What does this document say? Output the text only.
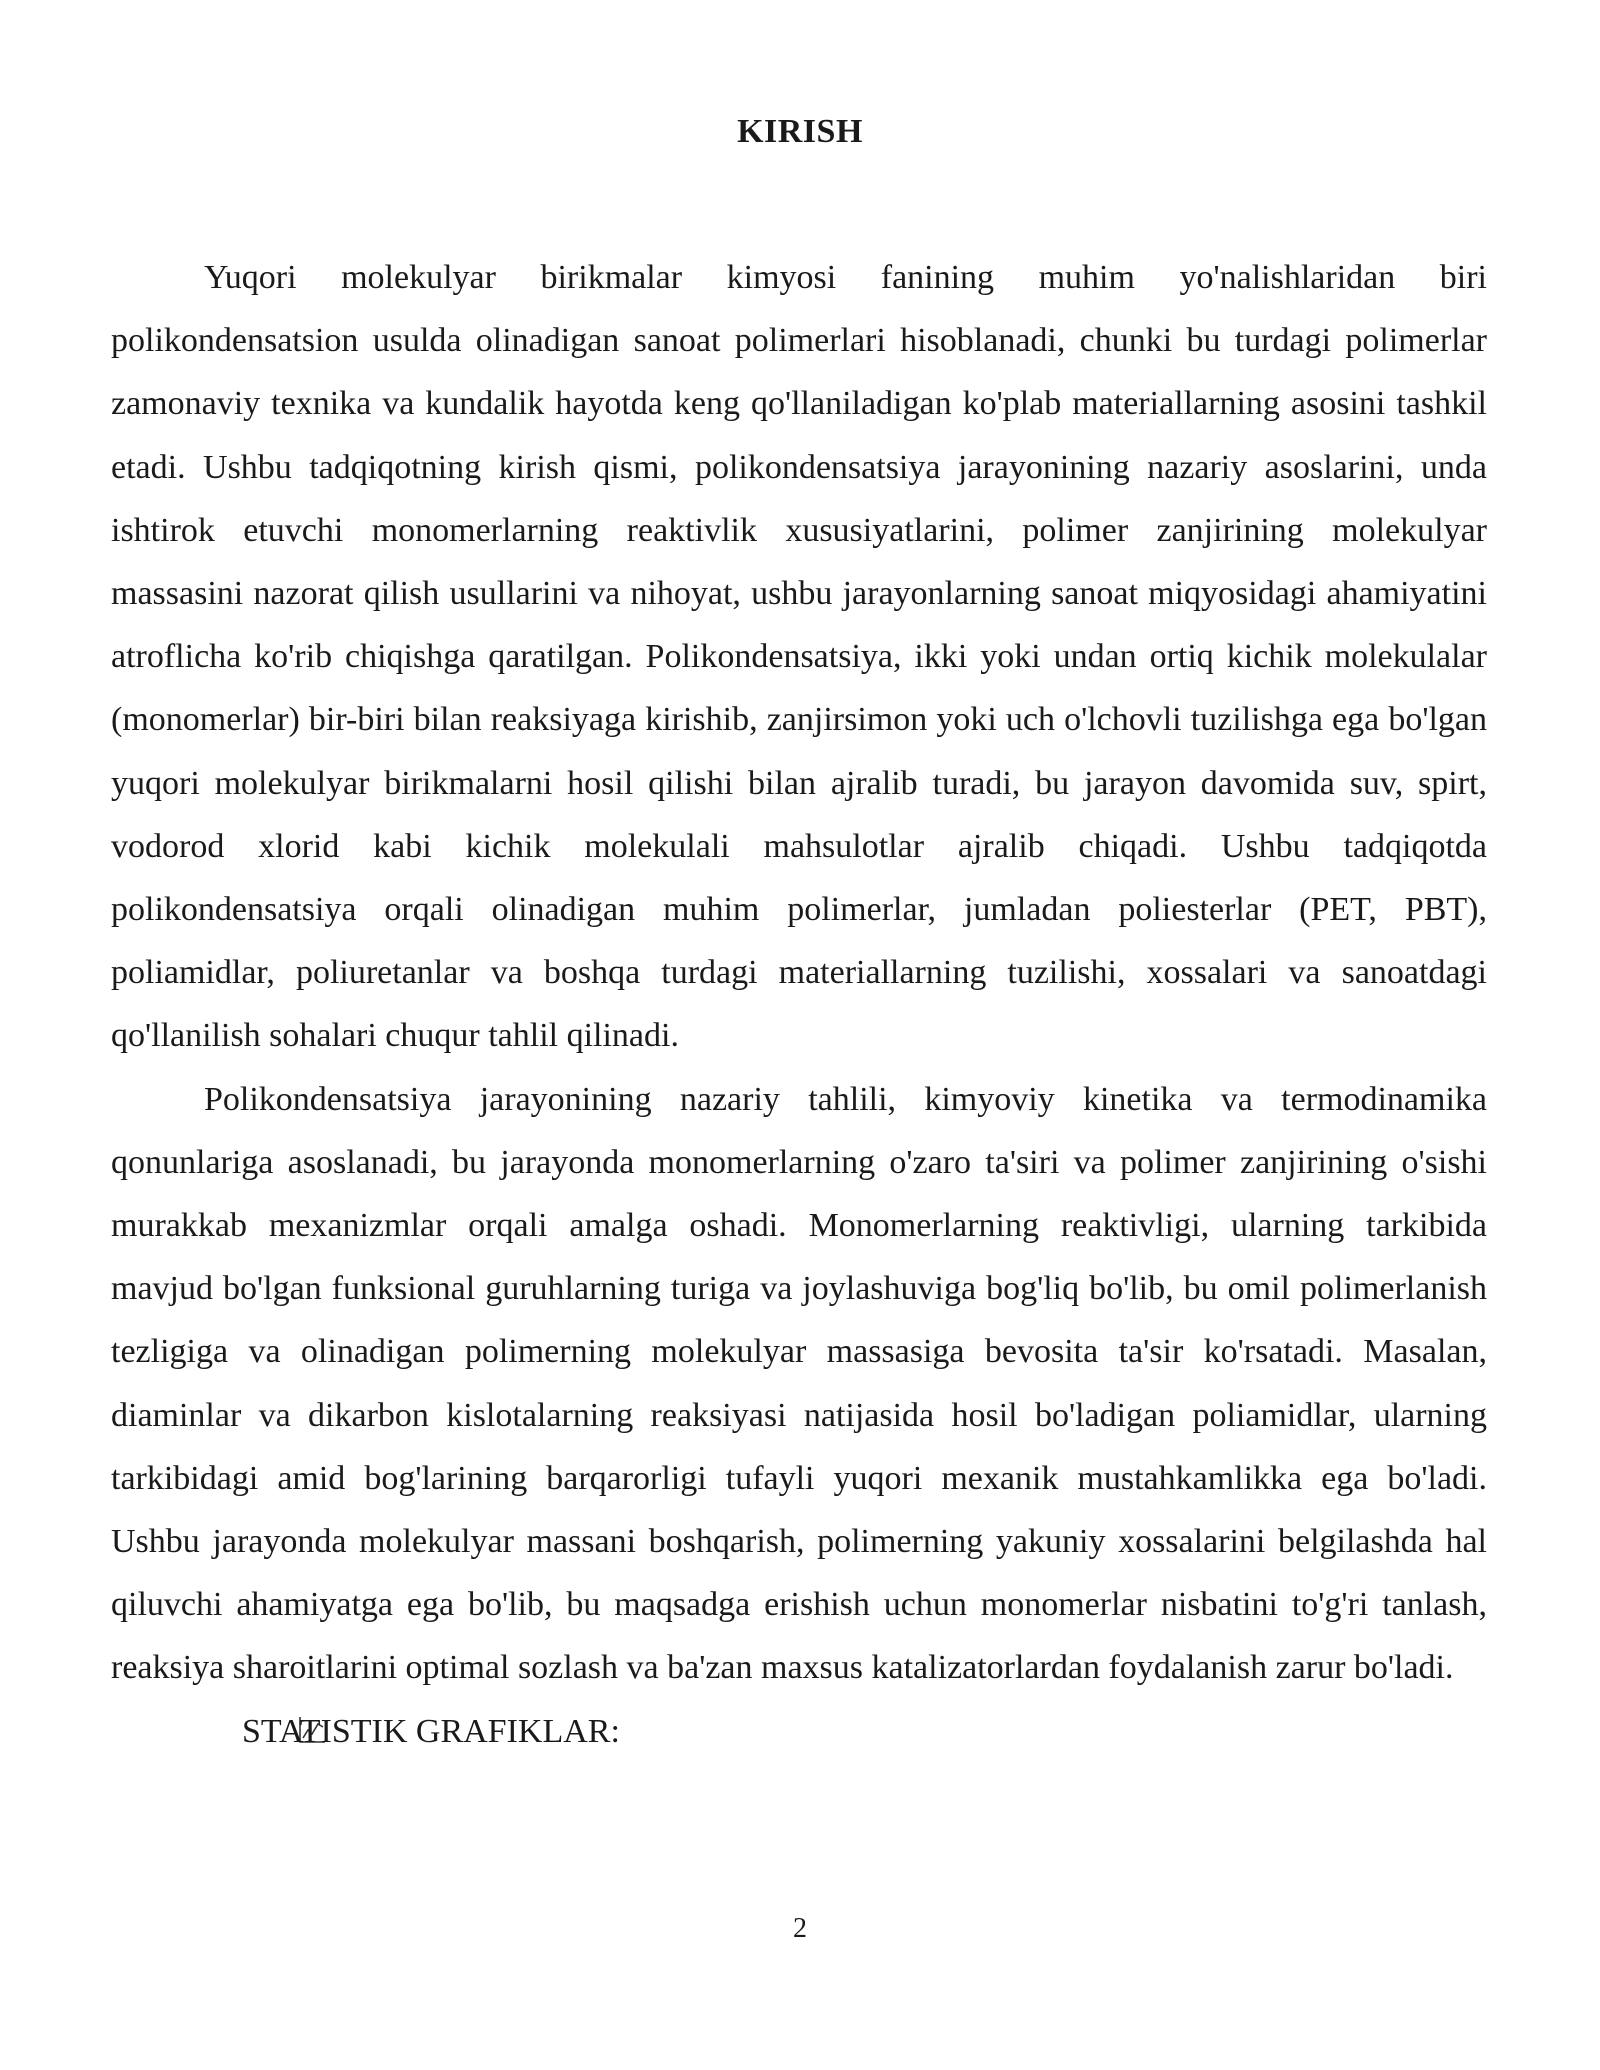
KIRISH

Yuqori molekulyar birikmalar kimyosi fanining muhim yo'nalishlaridan biri polikondensatsion usulda olinadigan sanoat polimerlari hisoblanadi, chunki bu turdagi polimerlar zamonaviy texnika va kundalik hayotda keng qo'llaniladigan ko'plab materiallarning asosini tashkil etadi. Ushbu tadqiqotning kirish qismi, polikondensatsiya jarayonining nazariy asoslarini, unda ishtirok etuvchi monomerlarning reaktivlik xususiyatlarini, polimer zanjirining molekulyar massasini nazorat qilish usullarini va nihoyat, ushbu jarayonlarning sanoat miqyosidagi ahamiyatini atroflicha ko'rib chiqishga qaratilgan. Polikondensatsiya, ikki yoki undan ortiq kichik molekulalar (monomerlar) bir-biri bilan reaksiyaga kirishib, zanjirsimon yoki uch o'lchovli tuzilishga ega bo'lgan yuqori molekulyar birikmalarni hosil qilishi bilan ajralib turadi, bu jarayon davomida suv, spirt, vodorod xlorid kabi kichik molekulali mahsulotlar ajralib chiqadi. Ushbu tadqiqotda polikondensatsiya orqali olinadigan muhim polimerlar, jumladan poliesterlar (PET, PBT), poliamidlar, poliuretanlar va boshqa turdagi materiallarning tuzilishi, xossalari va sanoatdagi qo'llanilish sohalari chuqur tahlil qilinadi.

Polikondensatsiya jarayonining nazariy tahlili, kimyoviy kinetika va termodinamika qonunlariga asoslanadi, bu jarayonda monomerlarning o'zaro ta'siri va polimer zanjirining o'sishi murakkab mexanizmlar orqali amalga oshadi. Monomerlarning reaktivligi, ularning tarkibida mavjud bo'lgan funksional guruhlarning turiga va joylashuviga bog'liq bo'lib, bu omil polimerlanish tezligiga va olinadigan polimerning molekulyar massasiga bevosita ta'sir ko'rsatadi. Masalan, diaminlar va dikarbon kislotalarning reaksiyasi natijasida hosil bo'ladigan poliamidlar, ularning tarkibidagi amid bog'larining barqarorligi tufayli yuqori mexanik mustahkamlikka ega bo'ladi. Ushbu jarayonda molekulyar massani boshqarish, polimerning yakuniy xossalarini belgilashda hal qiluvchi ahamiyatga ega bo'lib, bu maqsadga erishish uchun monomerlar nisbatini to'g'ri tanlash, reaksiya sharoitlarini optimal sozlash va ba'zan maxsus katalizatorlardan foydalanish zarur bo'ladi.

STATISTIK GRAFIKLAR:
2
